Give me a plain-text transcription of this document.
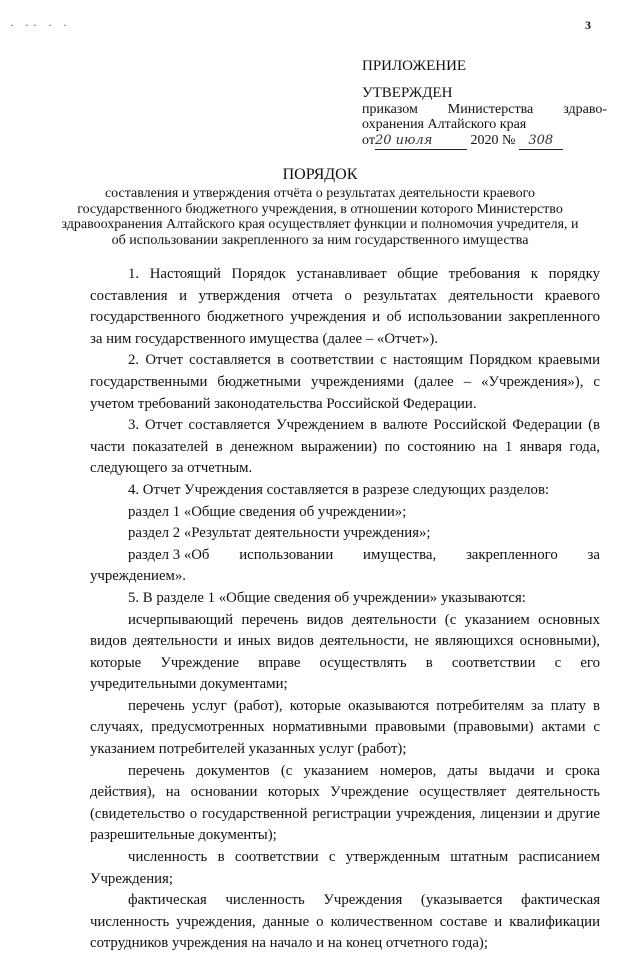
· ·· · ·	3
ПРИЛОЖЕНИЕ
УТВЕРЖДЕН
приказом Министерства здраво-
охранения Алтайского края
от20 июля	2020 № 308
ПОРЯДОК
составления и утверждения отчёта о результатах деятельности краевого государственного бюджетного учреждения, в отношении которого Министерство здравоохранения Алтайского края осуществляет функции и полномочия учредителя, и об использовании закрепленного за ним государственного имущества

1. Настоящий Порядок устанавливает общие требования к порядку составления и утверждения отчета о результатах деятельности краевого государственного бюджетного учреждения и об использовании закрепленного за ним государственного имущества (далее – «Отчет»).

2. Отчет составляется в соответствии с настоящим Порядком краевыми государственными бюджетными учреждениями (далее – «Учреждения»), с учетом требований законодательства Российской Федерации.

3. Отчет составляется Учреждением в валюте Российской Федерации (в части показателей в денежном выражении) по состоянию на 1 января года, следующего за отчетным.

4. Отчет Учреждения составляется в разрезе следующих разделов:

раздел 1 «Общие сведения об учреждении»;

раздел 2 «Результат деятельности учреждения»;

раздел 3 «Об использовании имущества, закрепленного за

учреждением».

5. В разделе 1 «Общие сведения об учреждении» указываются:

исчерпывающий перечень видов деятельности (с указанием основных видов деятельности и иных видов деятельности, не являющихся основными), которые Учреждение вправе осуществлять в соответствии с его учредительными документами;

перечень услуг (работ), которые оказываются потребителям за плату в случаях, предусмотренных нормативными правовыми (правовыми) актами с указанием потребителей указанных услуг (работ);

перечень документов (с указанием номеров, даты выдачи и срока действия), на основании которых Учреждение осуществляет деятельность (свидетельство о государственной регистрации учреждения, лицензии и другие разрешительные документы);

численность в соответствии с утвержденным штатным расписанием Учреждения;

фактическая численность Учреждения (указывается фактическая численность учреждения, данные о количественном составе и квалификации сотрудников учреждения на начало и на конец отчетного года);
